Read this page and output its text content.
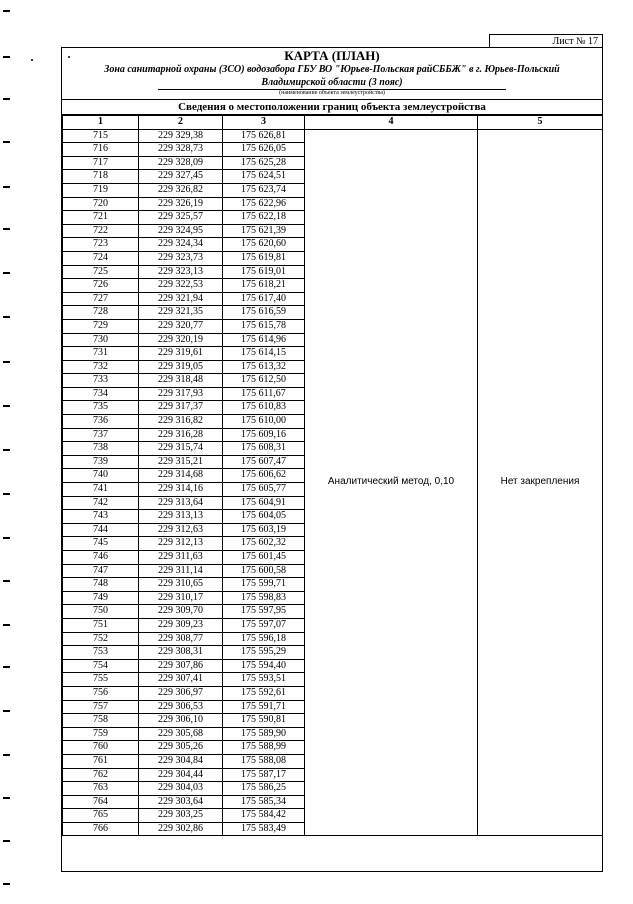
Лист № 17
КАРТА (ПЛАН)
Зона санитарной охраны (ЗСО) водозабора ГБУ ВО "Юрьев-Польская райСББЖ" в г. Юрьев-Польский
Владимирской области (3 пояс)
(наименование объекта землеустройства)
Сведения о местоположении границ объекта землеустройства
1	2	3	4	5
715	229 329,38	175 626,81	Аналитический метод, 0,10	Нет закрепления
716	229 328,73	175 626,05		
717	229 328,09	175 625,28		
718	229 327,45	175 624,51		
719	229 326,82	175 623,74		
720	229 326,19	175 622,96		
721	229 325,57	175 622,18		
722	229 324,95	175 621,39		
723	229 324,34	175 620,60		
724	229 323,73	175 619,81		
725	229 323,13	175 619,01		
726	229 322,53	175 618,21		
727	229 321,94	175 617,40		
728	229 321,35	175 616,59		
729	229 320,77	175 615,78		
730	229 320,19	175 614,96		
731	229 319,61	175 614,15		
732	229 319,05	175 613,32		
733	229 318,48	175 612,50		
734	229 317,93	175 611,67		
735	229 317,37	175 610,83		
736	229 316,82	175 610,00		
737	229 316,28	175 609,16		
738	229 315,74	175 608,31		
739	229 315,21	175 607,47		
740	229 314,68	175 606,62		
741	229 314,16	175 605,77		
742	229 313,64	175 604,91		
743	229 313,13	175 604,05		
744	229 312,63	175 603,19		
745	229 312,13	175 602,32		
746	229 311,63	175 601,45		
747	229 311,14	175 600,58		
748	229 310,65	175 599,71		
749	229 310,17	175 598,83		
750	229 309,70	175 597,95		
751	229 309,23	175 597,07		
752	229 308,77	175 596,18		
753	229 308,31	175 595,29		
754	229 307,86	175 594,40		
755	229 307,41	175 593,51		
756	229 306,97	175 592,61		
757	229 306,53	175 591,71		
758	229 306,10	175 590,81		
759	229 305,68	175 589,90		
760	229 305,26	175 588,99		
761	229 304,84	175 588,08		
762	229 304,44	175 587,17		
763	229 304,03	175 586,25		
764	229 303,64	175 585,34		
765	229 303,25	175 584,42		
766	229 302,86	175 583,49		
